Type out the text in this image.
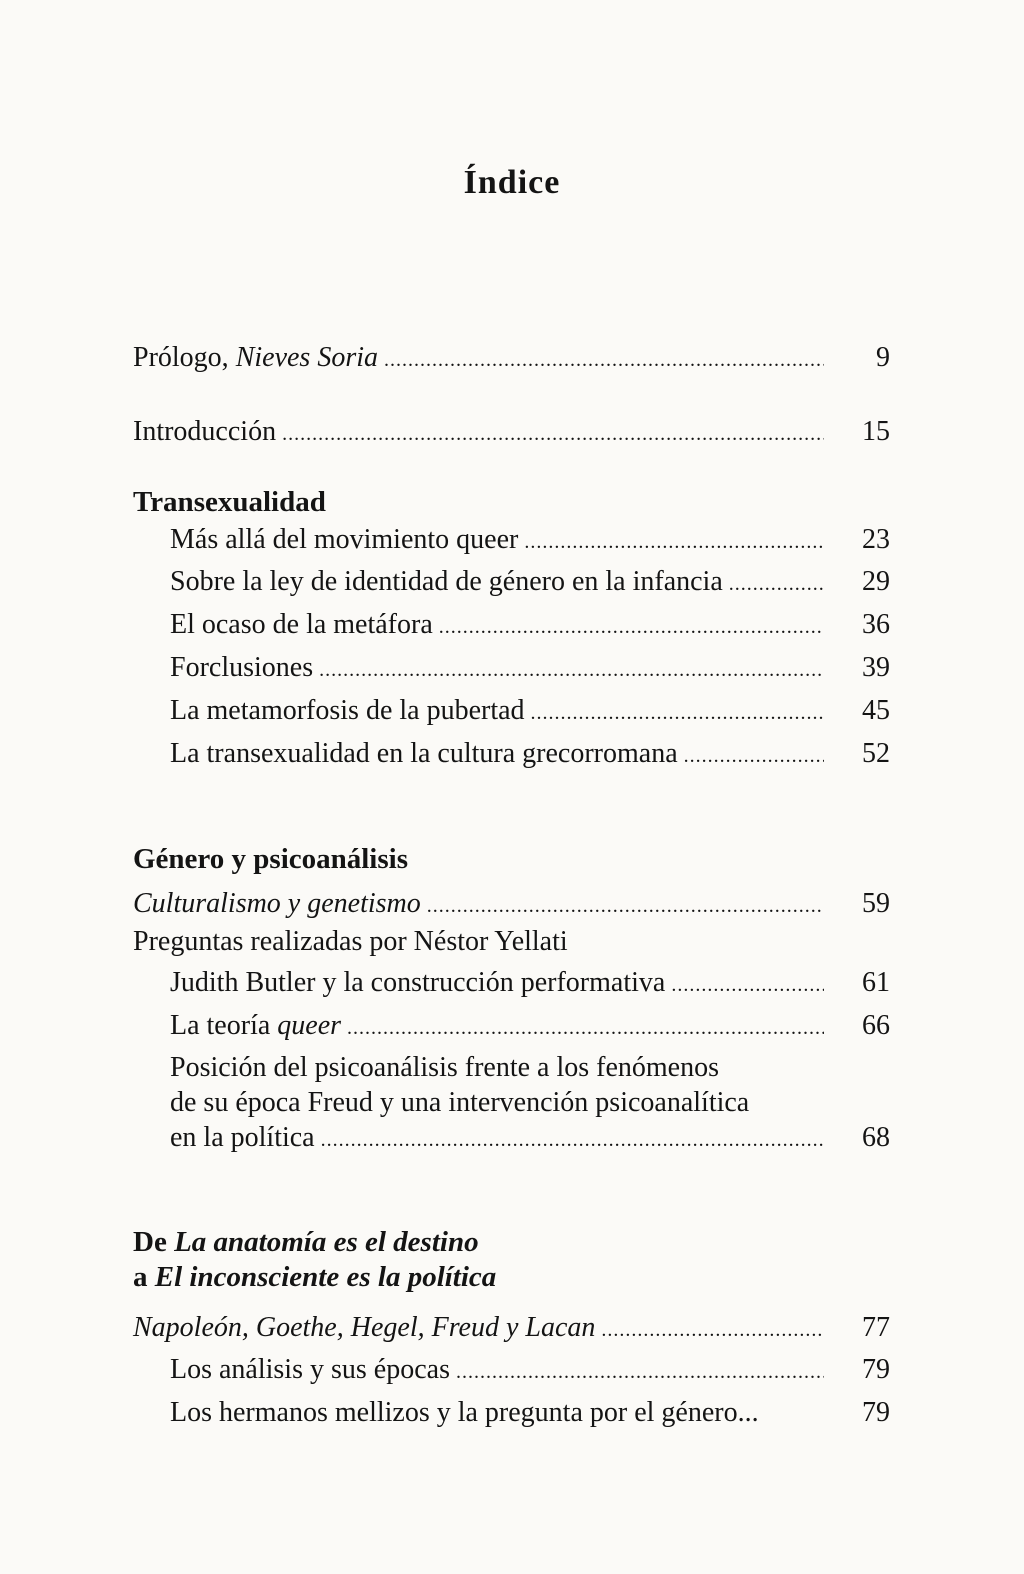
Índice
Prólogo, Nieves Soria . . .	9
Introducción . . .	15
Transexualidad
Más allá del movimiento queer . . .	23
Sobre la ley de identidad de género en la infancia . . .	29
El ocaso de la metáfora . . .	36
Forclusiones . . .	39
La metamorfosis de la pubertad . . .	45
La transexualidad en la cultura grecorromana . . .	52
Género y psicoanálisis
Culturalismo y genetismo . . .	59
Preguntas realizadas por Néstor Yellati
Judith Butler y la construcción performativa . . .	61
La teoría queer . . .	66
Posición del psicoanálisis frente a los fenómenos
de su época Freud y una intervención psicoanalítica
en la política . . .	68
De La anatomía es el destino
a El inconsciente es la política
Napoleón, Goethe, Hegel, Freud y Lacan . . .	77
Los análisis y sus épocas . . .	79
Los hermanos mellizos y la pregunta por el género...	79
